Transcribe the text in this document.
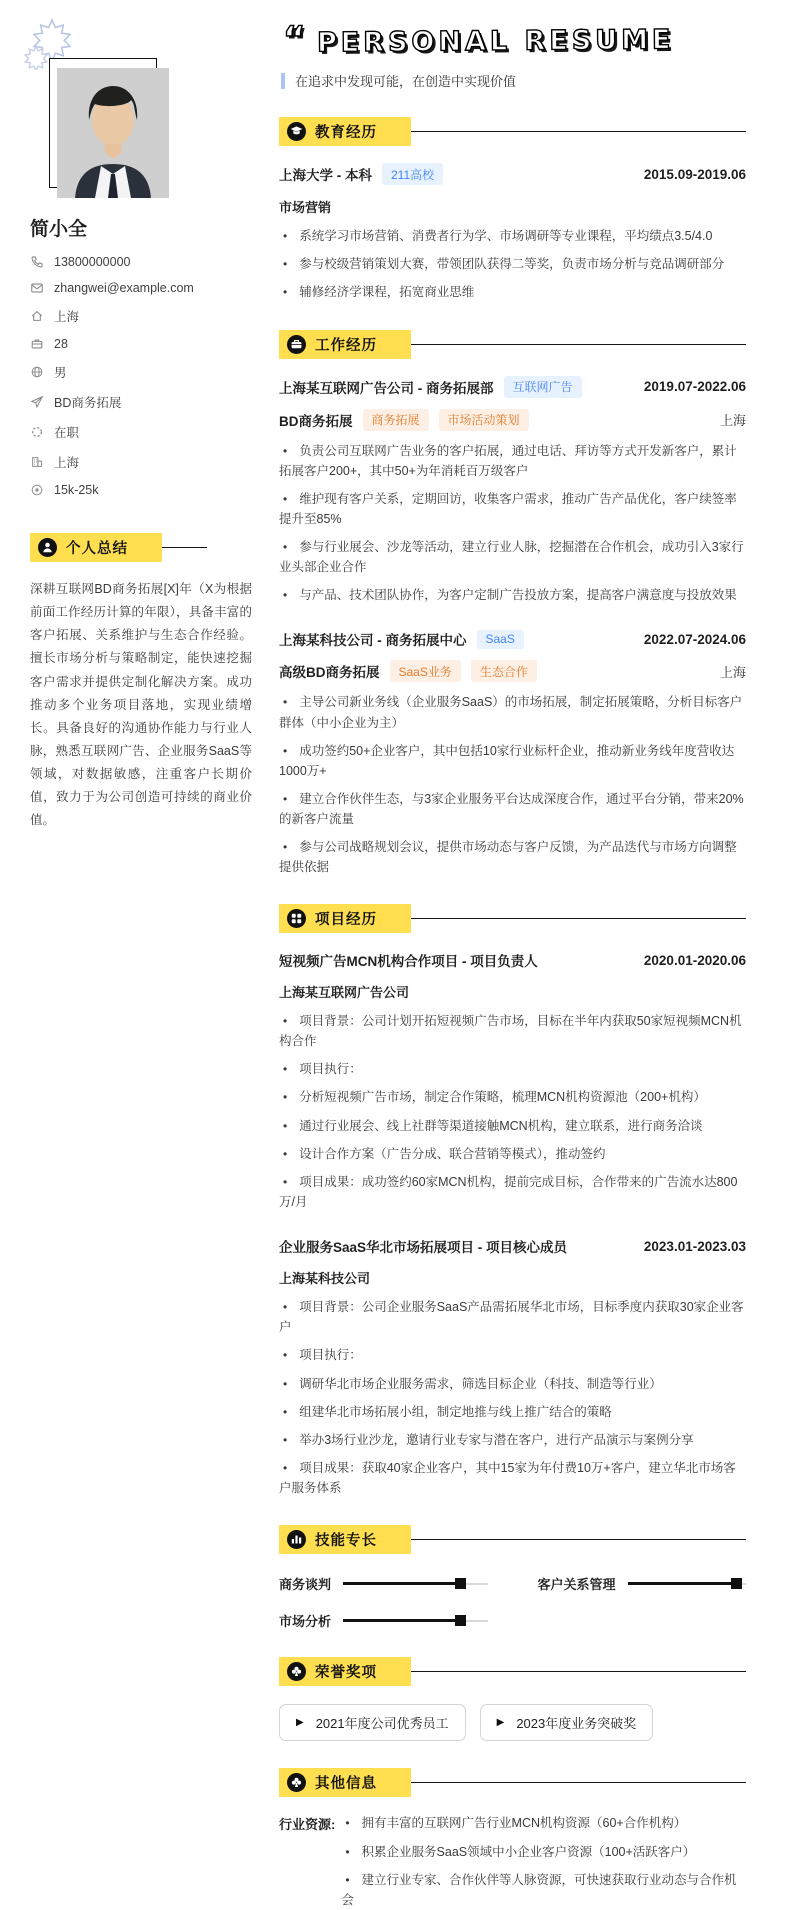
简小全
13800000000
zhangwei@example.com
上海
28
男
BD商务拓展
在职
上海
15k-25k
个人总结

深耕互联网BD商务拓展[X]年（X为根据前面工作经历计算的年限），具备丰富的客户拓展、关系维护与生态合作经验。擅长市场分析与策略制定，能快速挖掘客户需求并提供定制化解决方案。成功推动多个业务项目落地，实现业绩增长。具备良好的沟通协作能力与行业人脉，熟悉互联网广告、企业服务SaaS等领域，对数据敏感，注重客户长期价值，致力于为公司创造可持续的商业价值。

“ PERSONAL RESUME
在追求中发现可能，在创造中实现价值
教育经历
上海大学 - 本科	211高校	2015.09-2019.06
市场营销
• 系统学习市场营销、消费者行为学、市场调研等专业课程，平均绩点3.5/4.0
• 参与校级营销策划大赛，带领团队获得二等奖，负责市场分析与竞品调研部分
• 辅修经济学课程，拓宽商业思维
工作经历
上海某互联网广告公司 - 商务拓展部	互联网广告	2019.07-2022.06
BD商务拓展	商务拓展	市场活动策划	上海
• 负责公司互联网广告业务的客户拓展，通过电话、拜访等方式开发新客户，累计拓展客户200+，其中50+为年消耗百万级客户
• 维护现有客户关系，定期回访，收集客户需求，推动广告产品优化，客户续签率提升至85%
• 参与行业展会、沙龙等活动，建立行业人脉，挖掘潜在合作机会，成功引入3家行业头部企业合作
• 与产品、技术团队协作，为客户定制广告投放方案，提高客户满意度与投放效果
上海某科技公司 - 商务拓展中心	SaaS	2022.07-2024.06
高级BD商务拓展	SaaS业务	生态合作	上海
• 主导公司新业务线（企业服务SaaS）的市场拓展，制定拓展策略，分析目标客户群体（中小企业为主）
• 成功签约50+企业客户，其中包括10家行业标杆企业，推动新业务线年度营收达1000万+
• 建立合作伙伴生态，与3家企业服务平台达成深度合作，通过平台分销，带来20%的新客户流量
• 参与公司战略规划会议，提供市场动态与客户反馈，为产品迭代与市场方向调整提供依据
项目经历
短视频广告MCN机构合作项目 - 项目负责人	2020.01-2020.06
上海某互联网广告公司
• 项目背景：公司计划开拓短视频广告市场，目标在半年内获取50家短视频MCN机构合作
• 项目执行：
• 分析短视频广告市场，制定合作策略，梳理MCN机构资源池（200+机构）
• 通过行业展会、线上社群等渠道接触MCN机构，建立联系，进行商务洽谈
• 设计合作方案（广告分成、联合营销等模式），推动签约
• 项目成果：成功签约60家MCN机构，提前完成目标，合作带来的广告流水达800万/月
企业服务SaaS华北市场拓展项目 - 项目核心成员	2023.01-2023.03
上海某科技公司
• 项目背景：公司企业服务SaaS产品需拓展华北市场，目标季度内获取30家企业客户
• 项目执行：
• 调研华北市场企业服务需求，筛选目标企业（科技、制造等行业）
• 组建华北市场拓展小组，制定地推与线上推广结合的策略
• 举办3场行业沙龙，邀请行业专家与潜在客户，进行产品演示与案例分享
• 项目成果：获取40家企业客户，其中15家为年付费10万+客户，建立华北市场客户服务体系
技能专长
商务谈判	客户关系管理
市场分析
荣誉奖项
▶ 2021年度公司优秀员工	▶ 2023年度业务突破奖
其他信息
行业资源:	• 拥有丰富的互联网广告行业MCN机构资源（60+合作机构）
• 积累企业服务SaaS领域中小企业客户资源（100+活跃客户）
• 建立行业专家、合作伙伴等人脉资源，可快速获取行业动态与合作机会
